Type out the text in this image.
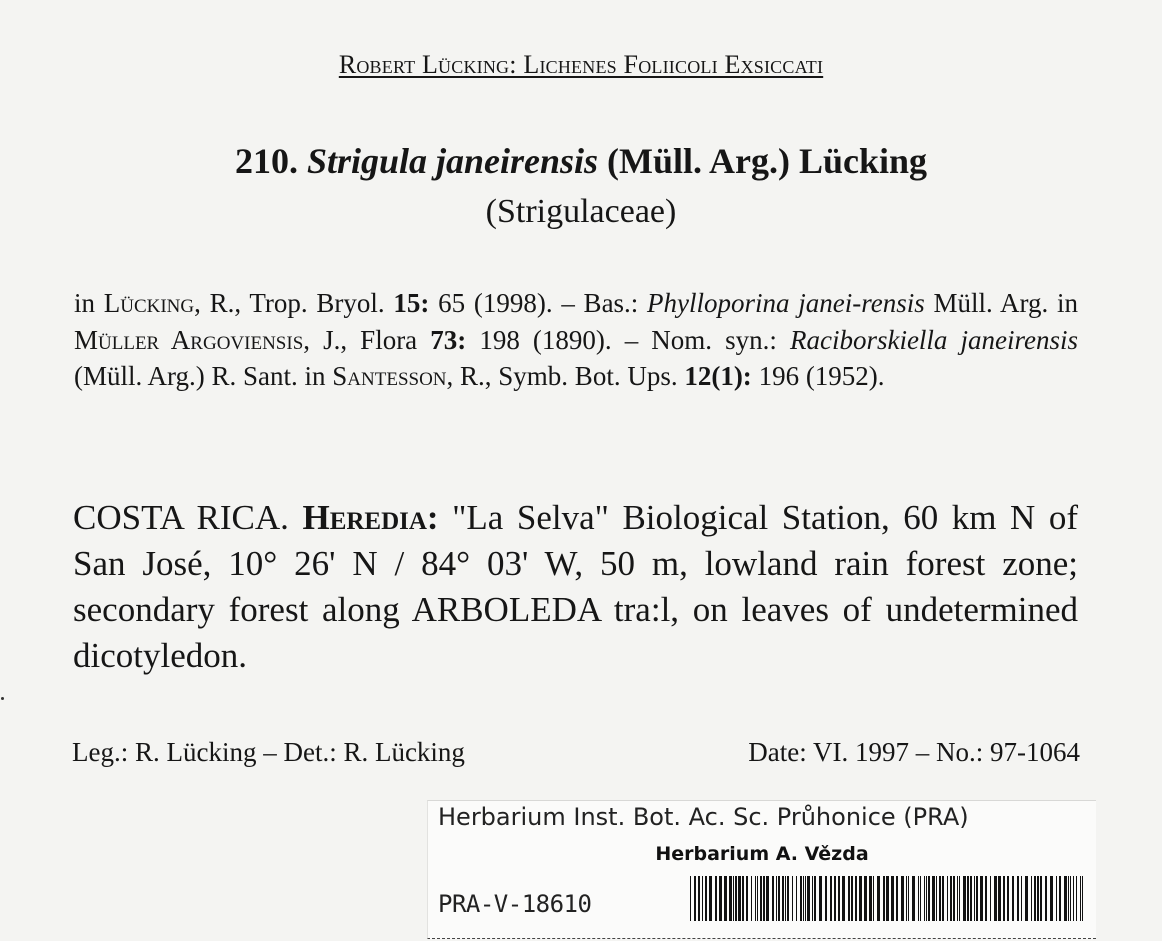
Robert Lücking: Lichenes Foliicoli Exsiccati
210. Strigula janeirensis (Müll. Arg.) Lücking
(Strigulaceae)
in Lücking, R., Trop. Bryol. 15: 65 (1998). – Bas.: Phylloporina janei-rensis Müll. Arg. in Müller Argoviensis, J., Flora 73: 198 (1890). – Nom. syn.: Raciborskiella janeirensis (Müll. Arg.) R. Sant. in Santesson, R., Symb. Bot. Ups. 12(1): 196 (1952).
COSTA RICA. Heredia: "La Selva" Biological Station, 60 km N of San José, 10° 26' N / 84° 03' W, 50 m, lowland rain forest zone; secondary forest along ARBOLEDA tra:l, on leaves of undetermined dicotyledon.
Leg.: R. Lücking – Det.: R. Lücking	Date: VI. 1997 – No.: 97-1064
Herbarium Inst. Bot. Ac. Sc. Průhonice (PRA)
Herbarium A. Vězda
PRA-V-18610
